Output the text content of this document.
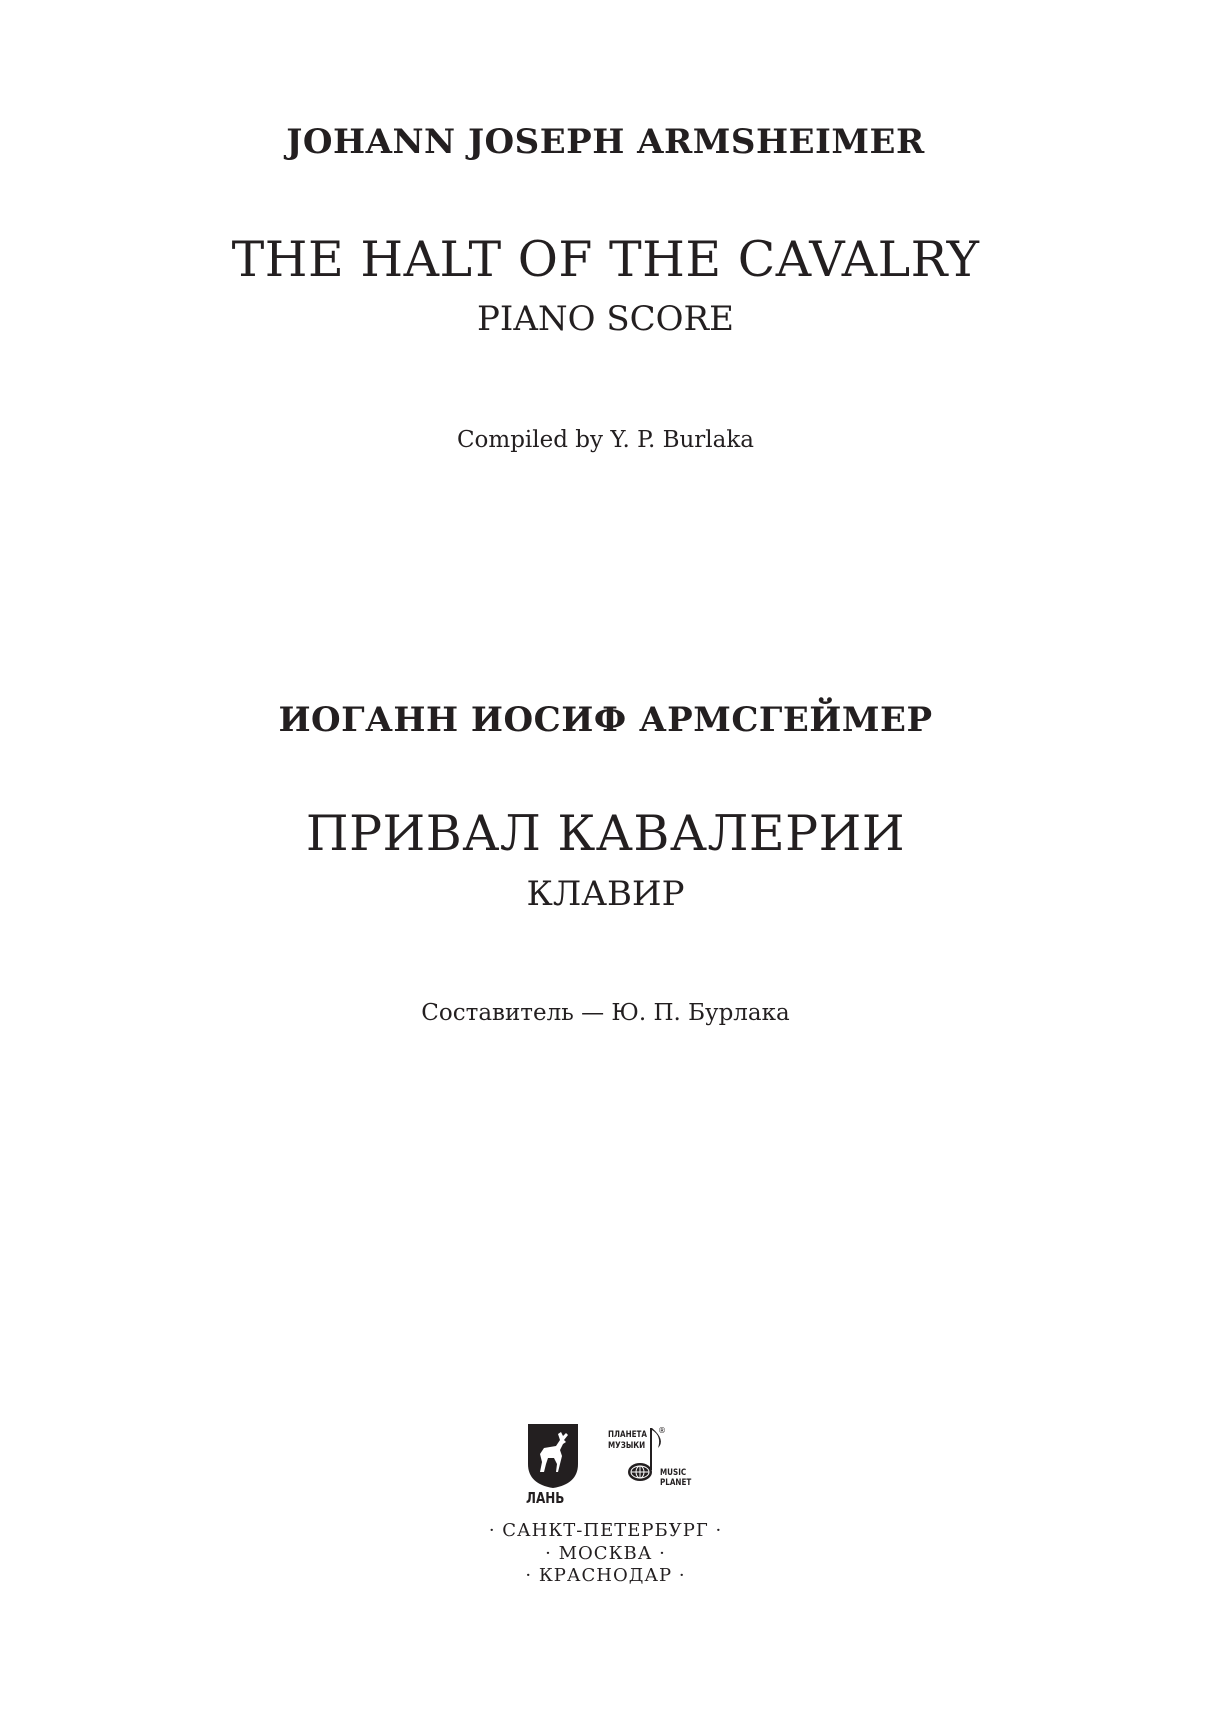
JOHANN JOSEPH ARMSHEIMER
THE HALT OF THE CAVALRY
PIANO SCORE
Compiled by Y. P. Burlaka
ИОГАНН ИОСИФ АРМСГЕЙМЕР
ПРИВАЛ КАВАЛЕРИИ
КЛАВИР
Составитель — Ю. П. Бурлака
ЛАНЬ
ПЛАНЕТА
МУЗЫКИ
®
MUSIC
PLANET
· САНКТ-ПЕТЕРБУРГ ·
· МОСКВА ·
· КРАСНОДАР ·
